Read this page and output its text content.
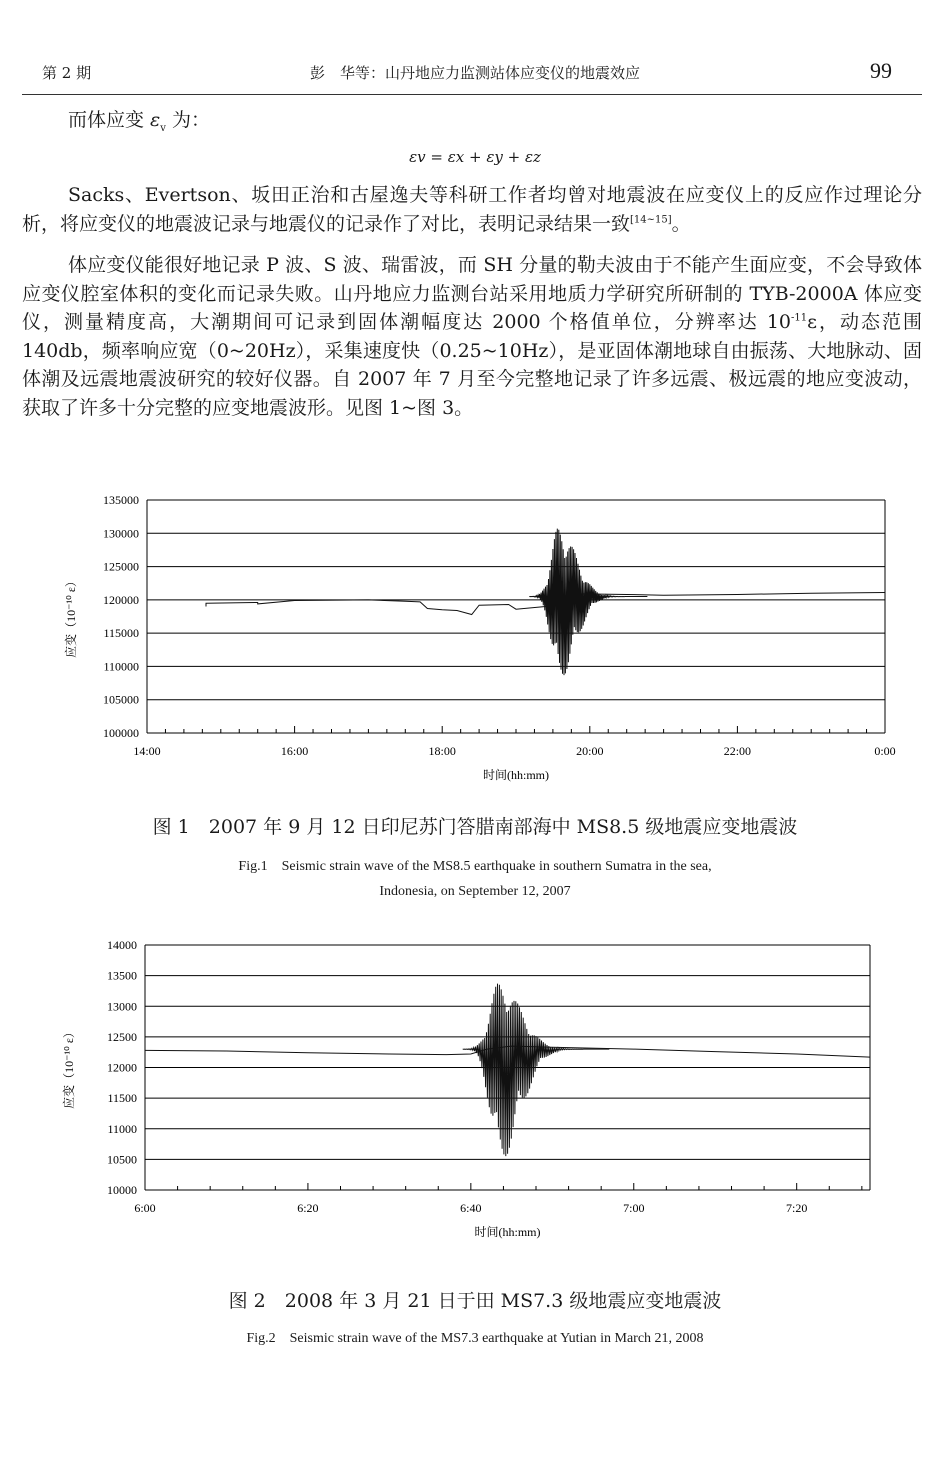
第 2 期	彭　华等：山丹地应力监测站体应变仪的地震效应	99

而体应变 $\varepsilon_v$ 为：

εv = εx + εy + εz

Sacks、Evertson、坂田正治和古屋逸夫等科研工作者均曾对地震波在应变仪上的反应作过理论分析，将应变仪的地震波记录与地震仪的记录作了对比，表明记录结果一致[14~15]。

体应变仪能很好地记录 P 波、S 波、瑞雷波，而 SH 分量的勒夫波由于不能产生面应变，不会导致体应变仪腔室体积的变化而记录失败。山丹地应力监测台站采用地质力学研究所研制的 TYB-2000A 体应变仪，测量精度高，大潮期间可记录到固体潮幅度达 2000 个格值单位，分辨率达 $10^{-11}\varepsilon$，动态范围 140db，频率响应宽（0~20Hz），采集速度快（0.25~10Hz），是亚固体潮地球自由振荡、大地脉动、固体潮及远震地震波研究的较好仪器。自 2007 年 7 月至今完整地记录了许多远震、极远震的地应变波动，获取了许多十分完整的应变地震波形。见图 1~图 3。

100000
105000
110000
115000
120000
125000
130000
135000
14:00	16:00	18:00	20:00	22:00	0:00
时间(hh:mm)
应变（10⁻¹⁰ ε）
图 1　2007 年 9 月 12 日印尼苏门答腊南部海中 MS8.5 级地震应变地震波
Fig.1　Seismic strain wave of the MS8.5 earthquake in southern Sumatra in the sea,
Indonesia, on September 12, 2007
10000
10500
11000
11500
12000
12500
13000
13500
14000
6:00	6:20	6:40	7:00	7:20
时间(hh:mm)
应变（10⁻¹⁰ ε）
图 2　2008 年 3 月 21 日于田 MS7.3 级地震应变地震波
Fig.2　Seismic strain wave of the MS7.3 earthquake at Yutian in March 21, 2008
